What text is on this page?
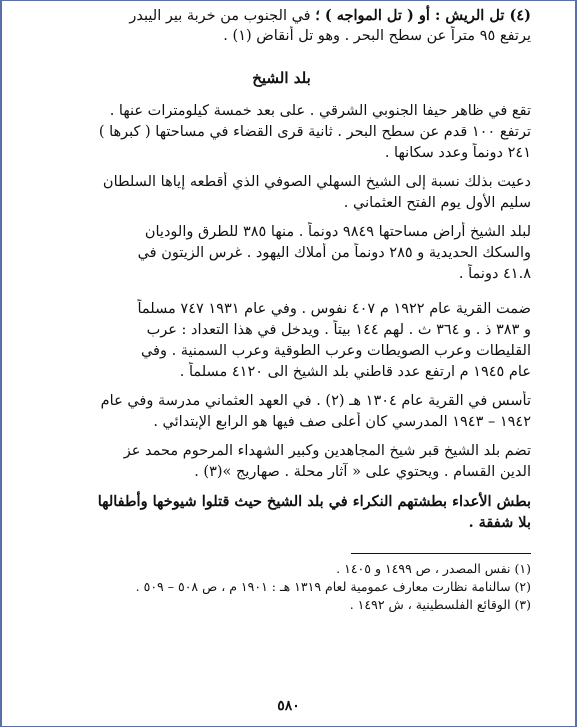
(٤) تل الريش : أو ( تل المواجه ) ؛ في الجنوب من خربة بير اليبدر
يرتفع ٩٥ متراً عن سطح البحر . وهو تل أنقاض (١) .
بلد الشيخ
تقع في ظاهر حيفا الجنوبي الشرقي . على بعد خمسة كيلومترات عنها .
ترتفع ١٠٠ قدم عن سطح البحر . ثانية قرى القضاء في مساحتها ( كبرها )
٢٤١ دونماً وعدد سكانها .
دعيت بذلك نسبة إلى الشيخ السهلي الصوفي الذي أقطعه إياها السلطان
سليم الأول يوم الفتح العثماني .
لبلد الشيخ أراض مساحتها ٩٨٤٩ دونماً . منها ٣٨٥ للطرق والوديان
والسكك الحديدية و ٢٨٥ دونماً من أملاك اليهود . غرس الزيتون في
٤١.٨ دونماً .
ضمت القرية عام ١٩٢٢ م ٤٠٧ نفوس . وفي عام ١٩٣١ ٧٤٧ مسلماً
و ٣٨٣ ذ . و ٣٦٤ ث . لهم ١٤٤ بيتاً . ويدخل في هذا التعداد : عرب
القليطات وعرب الصويطات وعرب الطوقية وعرب السمنية . وفي
عام ١٩٤٥ م ارتفع عدد قاطني بلد الشيخ الى ٤١٢٠ مسلماً .
تأسس في القرية عام ١٣٠٤ هـ (٢) . في العهد العثماني مدرسة وفي عام
١٩٤٢ – ١٩٤٣ المدرسي كان أعلى صف فيها هو الرابع الإبتدائي .
تضم بلد الشيخ قبر شيخ المجاهدين وكبير الشهداء المرحوم محمد عز
الدين القسام . ويحتوي على « آثار محلة . صهاريج »(٣) .
بطش الأعداء بطشتهم النكراء في بلد الشيخ حيث قتلوا شيوخها وأطفالها
بلا شفقة .
(١) نفس المصدر ، ص ١٤٩٩ و ١٤٠٥ .
(٢) سالنامة نظارت معارف عمومية لعام ١٣١٩ هـ : ١٩٠١ م ، ص ٥٠٨ – ٥٠٩ .
(٣) الوقائع الفلسطينية ، ش ١٤٩٢ .
٥٨٠
